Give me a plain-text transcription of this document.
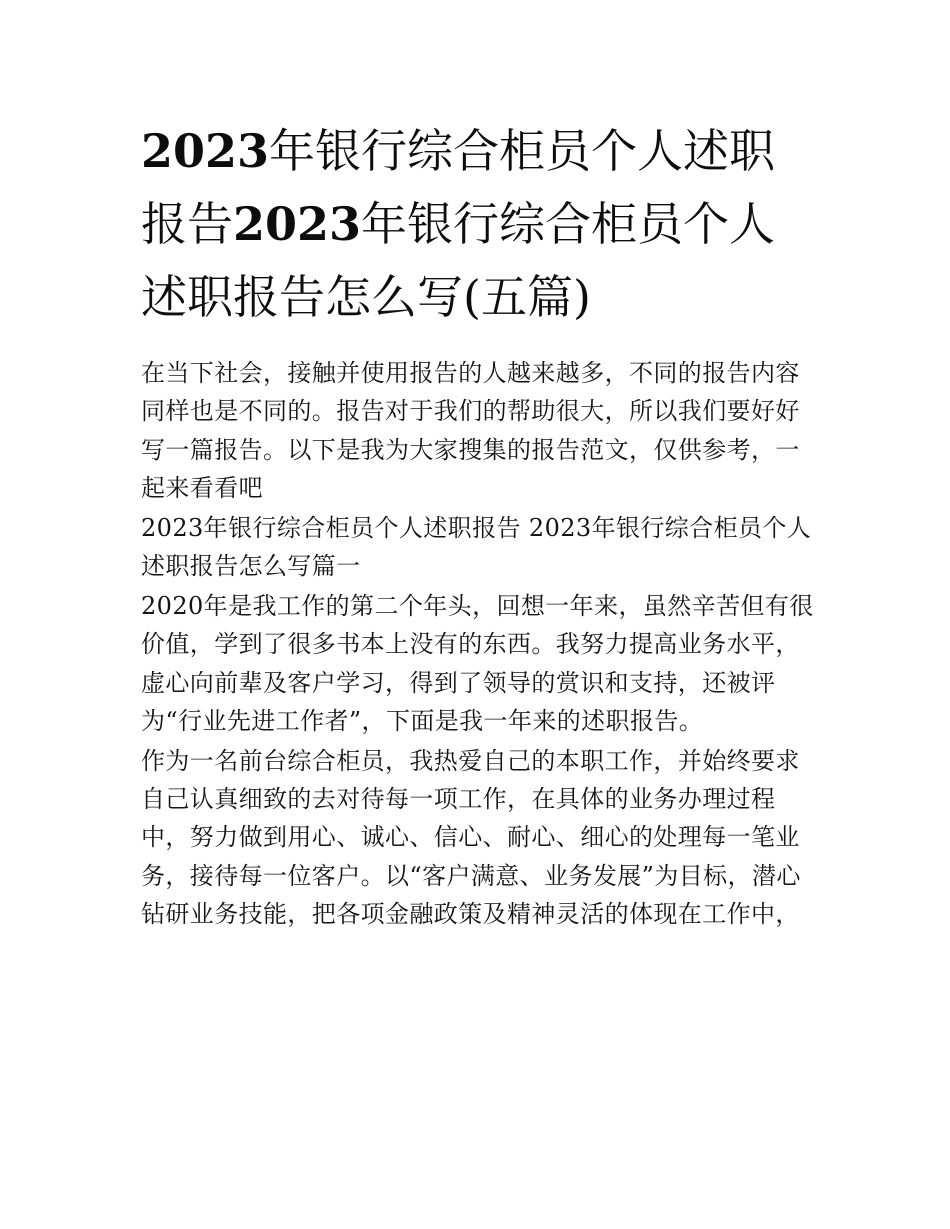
2023年银行综合柜员个人述职报告2023年银行综合柜员个人述职报告怎么写(五篇)

在当下社会，接触并使用报告的人越来越多，不同的报告内容同样也是不同的。报告对于我们的帮助很大，所以我们要好好写一篇报告。以下是我为大家搜集的报告范文，仅供参考，一起来看看吧

2023年银行综合柜员个人述职报告 2023年银行综合柜员个人述职报告怎么写篇一

2020年是我工作的第二个年头，回想一年来，虽然辛苦但有很价值，学到了很多书本上没有的东西。我努力提高业务水平，虚心向前辈及客户学习，得到了领导的赏识和支持，还被评为“行业先进工作者”，下面是我一年来的述职报告。

作为一名前台综合柜员，我热爱自己的本职工作，并始终要求自己认真细致的去对待每一项工作，在具体的业务办理过程中，努力做到用心、诚心、信心、耐心、细心的处理每一笔业务，接待每一位客户。以“客户满意、业务发展”为目标，潜心钻研业务技能，把各项金融政策及精神灵活的体现在工作中，
